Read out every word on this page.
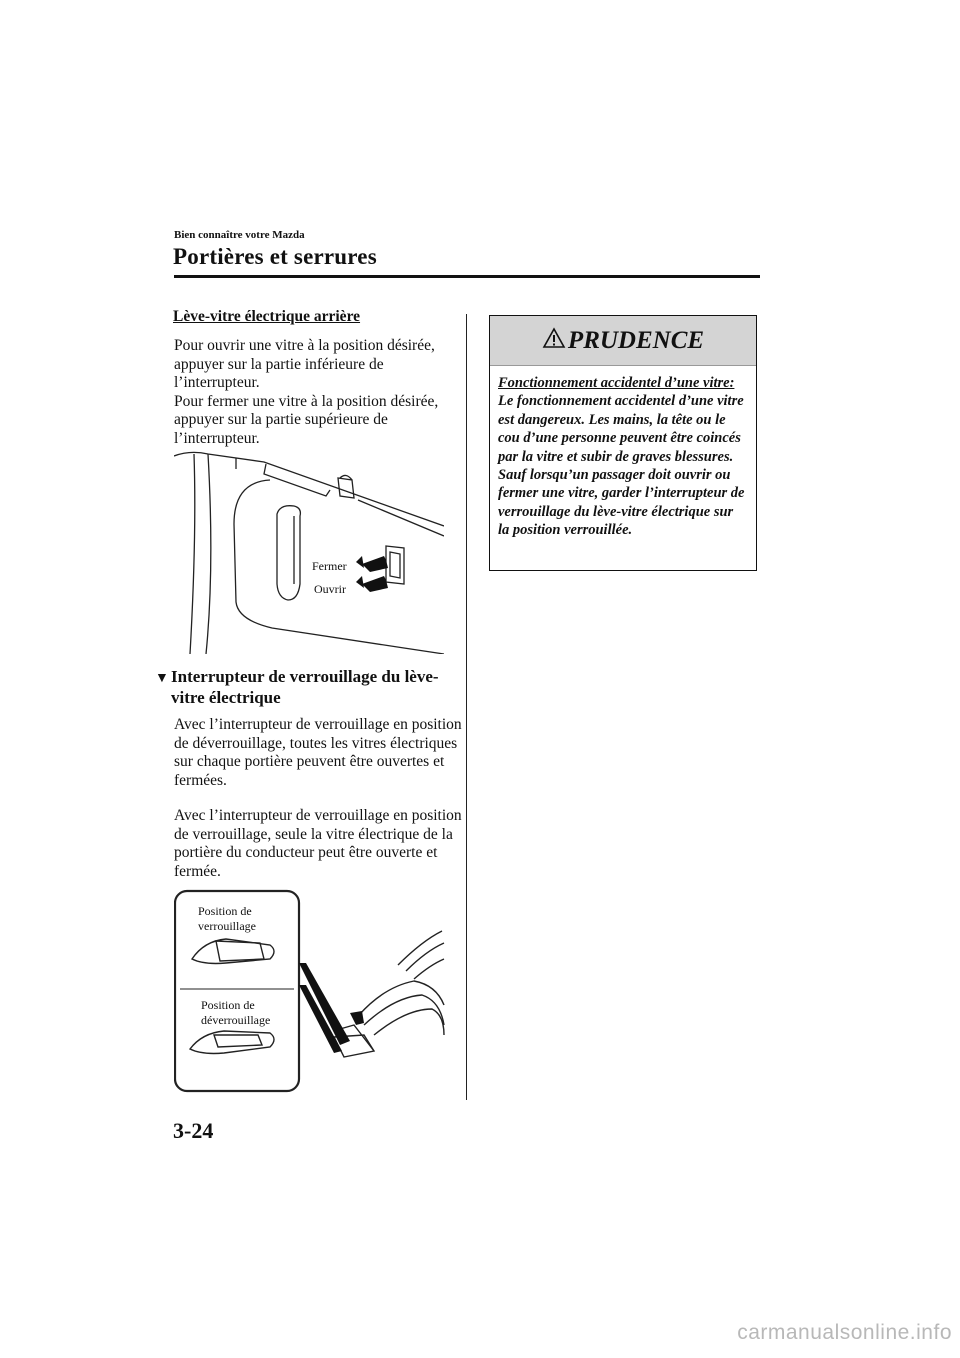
Bien connaître votre Mazda
Portières et serrures
Lève-vitre électrique arrière
Pour ouvrir une vitre à la position désirée, appuyer sur la partie inférieure de l’interrupteur.
Pour fermer une vitre à la position désirée, appuyer sur la partie supérieure de l’interrupteur.
Fermer
Ouvrir
▼ Interrupteur de verrouillage du lève-vitre électrique
Avec l’interrupteur de verrouillage en position de déverrouillage, toutes les vitres électriques sur chaque portière peuvent être ouvertes et fermées.
Avec l’interrupteur de verrouillage en position de verrouillage, seule la vitre électrique de la portière du conducteur peut être ouverte et fermée.
Position de
verrouillage
Position de
déverrouillage
PRUDENCE
Fonctionnement accidentel d’une vitre:
Le fonctionnement accidentel d’une vitre est dangereux. Les mains, la tête ou le cou d’une personne peuvent être coincés par la vitre et subir de graves blessures. Sauf lorsqu’un passager doit ouvrir ou fermer une vitre, garder l’interrupteur de verrouillage du lève-vitre électrique sur la position verrouillée.
3-24
carmanualsonline.info
